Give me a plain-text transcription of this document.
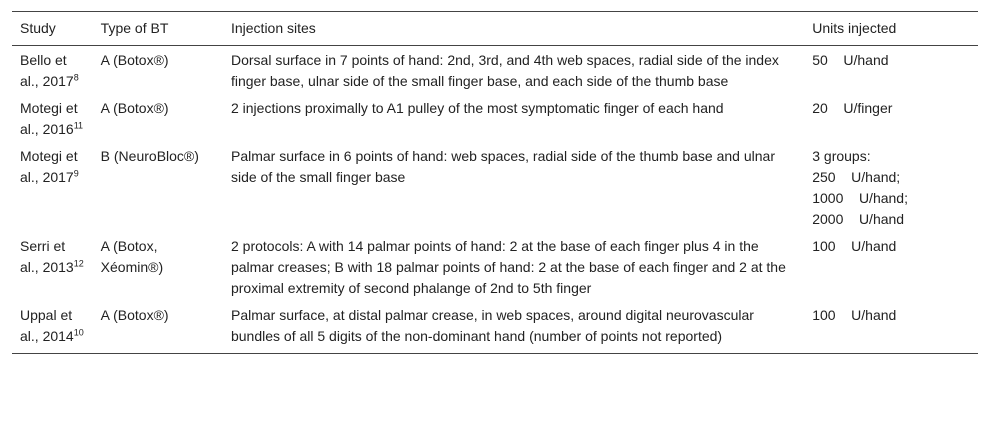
Study	Type of BT	Injection sites	Units injected
Bello et al., 2017$^8$	A (Botox®)	Dorsal surface in 7 points of hand: 2nd, 3rd, and 4th web spaces, radial side of the index finger base, ulnar side of the small finger base, and each side of the thumb base	50    U/hand

Motegi et al., 2016$^{11}$	A (Botox®)	2 injections proximally to A1 pulley of the most symptomatic finger of each hand	20    U/finger

Motegi et al., 2017$^9$	B (NeuroBloc®)	Palmar surface in 6 points of hand: web spaces, radial side of the thumb base and ulnar side of the small finger base	3 groups:
250    U/hand;
1000    U/hand;
2000    U/hand

Serri et al., 2013$^{12}$	A (Botox, Xéomin®)	2 protocols: A with 14 palmar points of hand: 2 at the base of each finger plus 4 in the palmar creases; B with 18 palmar points of hand: 2 at the base of each finger and 2 at the proximal extremity of second phalange of 2nd to 5th finger	100    U/hand

Uppal et al., 2014$^{10}$	A (Botox®)	Palmar surface, at distal palmar crease, in web spaces, around digital neurovascular bundles of all 5 digits of the non-dominant hand (number of points not reported)	100    U/hand
